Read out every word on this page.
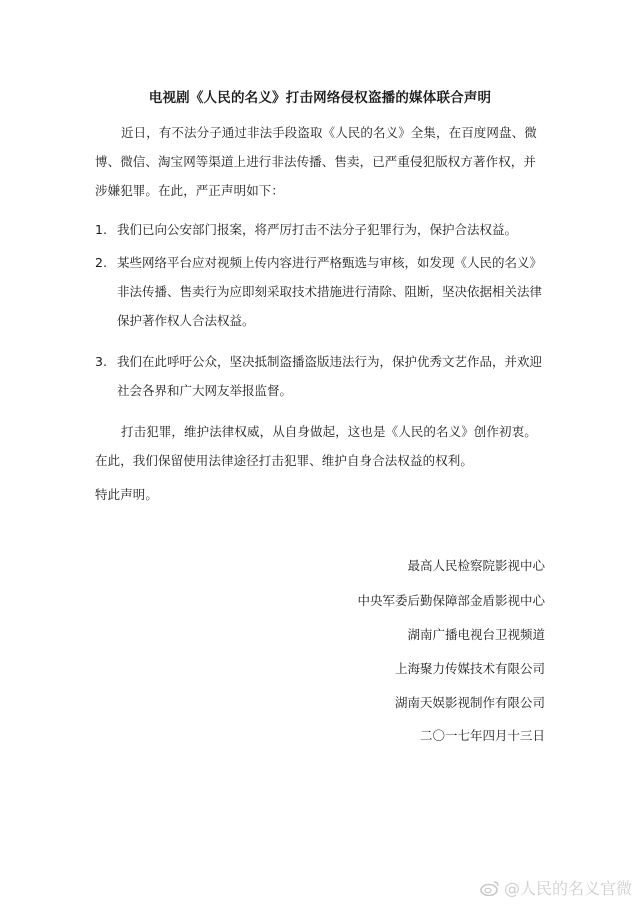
电视剧《人民的名义》打击网络侵权盗播的媒体联合声明
近日，有不法分子通过非法手段盗取《人民的名义》全集，在百度网盘、微博、微信、淘宝网等渠道上进行非法传播、售卖，已严重侵犯版权方著作权，并涉嫌犯罪。在此，严正声明如下：
1. 我们已向公安部门报案，将严厉打击不法分子犯罪行为，保护合法权益。
2. 某些网络平台应对视频上传内容进行严格甄选与审核，如发现《人民的名义》非法传播、售卖行为应即刻采取技术措施进行清除、阻断，坚决依据相关法律保护著作权人合法权益。
3. 我们在此呼吁公众，坚决抵制盗播盗版违法行为，保护优秀文艺作品，并欢迎社会各界和广大网友举报监督。
打击犯罪，维护法律权威，从自身做起，这也是《人民的名义》创作初衷。在此，我们保留使用法律途径打击犯罪、维护自身合法权益的权利。
特此声明。
最高人民检察院影视中心
中央军委后勤保障部金盾影视中心
湖南广播电视台卫视频道
上海聚力传媒技术有限公司
湖南天娱影视制作有限公司
二〇一七年四月十三日
@人民的名义官微
